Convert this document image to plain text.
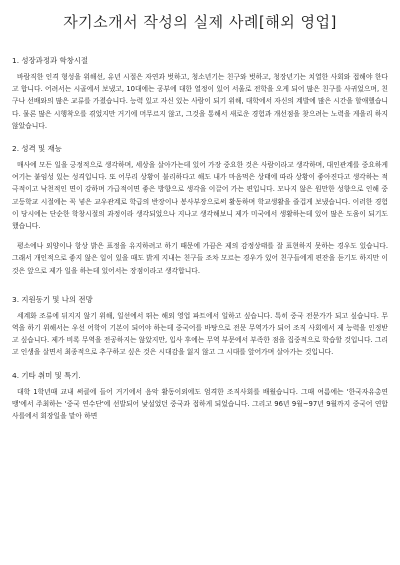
자기소개서 작성의 실제 사례[해외 영업]
1. 성장과정과 학창시절

바람직한 인격 형성을 위해선, 유년 시절은 자연과 벗하고, 청소년기는 친구와 벗하고, 청장년기는 치열한 사회와 접해야 한다고 합니다. 어려서는 시골에서 보냈고, 10대에는 공부에 대한 열정이 있어 서울로 전학을 오게 되어 많은 친구를 사귀었으며, 친구나 선배와의 많은 교류를 가졌습니다. 능력 있고 자신 있는 사람이 되기 위해, 대학에서 자신의 계발에 많은 시간을 할애했습니다. 물론 많은 시행착오를 겪었지만 거기에 머무르지 않고, 그것을 통해서 새로운 경험과 개선점을 찾으려는 노력을 게을리 하지 않았습니다.

2. 성격 및 재능

매사에 모든 일을 긍정적으로 생각하며, 세상을 살아가는데 있어 가장 중요한 것은 사람이라고 생각하며, 대인관계를 중요하게 여기는 붙임성 있는 성격입니다. 또 어무리 상황이 불리하다고 해도 내가 마음먹은 상태에 따라 상황이 좋아진다고 생각하는 적극적이고 낙천적인 면이 강하며 가급적이면 좋은 방향으로 생각을 이끌어 가는 편입니다. 모나지 않은 원만한 성향으로 인해 중고등학교 시절에는 꼭 넣은 교우관계로 학급의 반장이나 봉사부장으로써 활동하며 학교생활을 즐겁게 보냈습니다. 이러한 경험이 당시에는 단순한 학창시절의 과정이라 생각되었으나 지나고 생각해보니 제가 미국에서 생활하는데 있어 많은 도움이 되기도 했습니다.

평소에나 외양이나 항상 밝은 표정을 유지하려고 하기 때문에 가끔은 제의 감정상태를 잘 표현하지 못하는 경우도 있습니다. 그래서 개인적으로 좋지 않은 일이 있을 때도 밝게 지내는 친구들 조차 모르는 경우가 있어 친구들에게 편잔을 듣기도 하지만 이것은 앞으로 제가 일을 하는데 있어서는 장점이라고 생각합니다.

3. 지원동기 및 나의 전망

세계화 조류에 뒤지지 않기 위해, 일선에서 뛰는 해외 영업 파트에서 일하고 싶습니다. 특히 중국 전문가가 되고 싶습니다. 무역을 하기 위해서는 우선 어학이 기본이 되어야 하는데 중국어를 바탕으로 전문 무역가가 되어 조직 사회에서 제 능력을 인정받고 싶습니다. 제가 비록 무역을 전공하지는 않았지만, 입사 후에는 무역 부문에서 부족한 점을 집중적으로 학습할 것입니다. 그리고 인생을 살면서 최종적으로 추구하고 싶은 것은 시대감을 잃지 않고 그 시대를 앞어가며 살아가는 것입니다.

4. 기타 취미 및 특기.

대학 1학년때 교내 써클에 들어 거기에서 음악 활동이외에도 엄격한 조직사회를 배웠습니다. 그때 여름에는 '한국자유총연맹'에서 주최하는 '중국 연수단'에 선발되어 낯설었던 중국과 접하게 되었습니다. 그리고 96년 9월~97년 9월까지 중국어 연합사를에서 회장일을 맡아 하면
